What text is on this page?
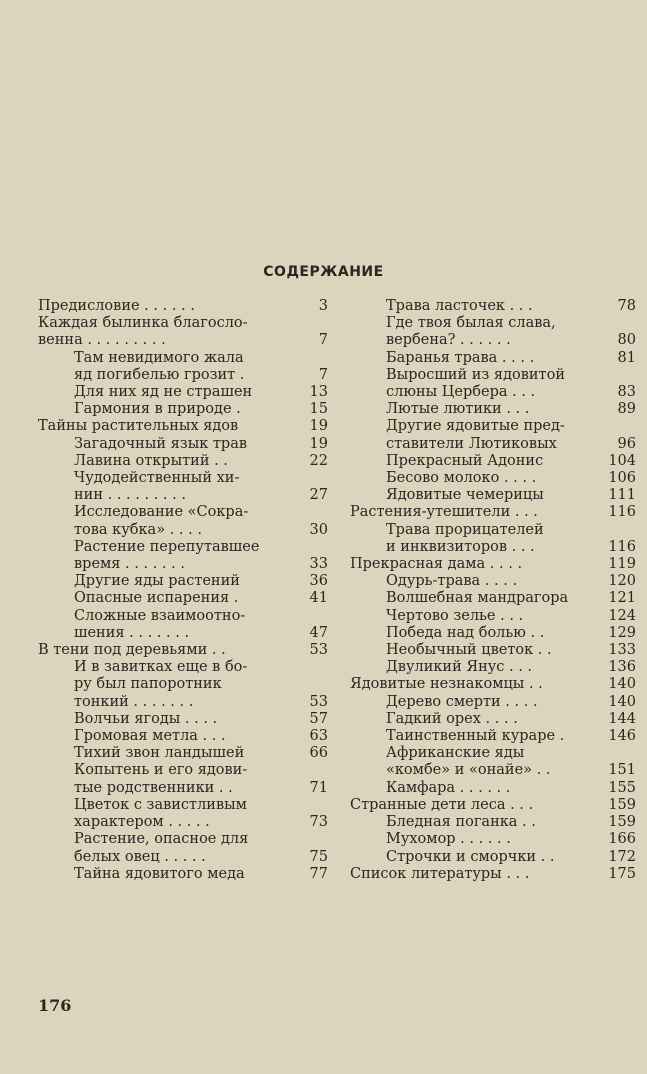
СОДЕРЖАНИЕ
Предисловие . . . . . .	3
Каждая былинка благосло-
венна . . . . . . . . .	7
Там невидимого жала
яд погибелью грозит .	7
Для них яд не страшен	13
Гармония в природе .	15
Тайны растительных ядов	19
Загадочный язык трав	19
Лавина открытий . .	22
Чудодейственный хи-
нин . . . . . . . . .	27
Исследование «Сокра-
това кубка» . . . .	30
Растение перепутавшее
время . . . . . . .	33
Другие яды растений	36
Опасные испарения .	41
Сложные взаимоотно-
шения . . . . . . .	47
В тени под деревьями . .	53
И в завитках еще в бо-
ру был папоротник
тонкий . . . . . . .	53
Волчьи ягоды . . . .	57
Громовая метла . . .	63
Тихий звон ландышей	66
Копытень и его ядови-
тые родственники . .	71
Цветок с завистливым
характером . . . . .	73
Растение, опасное для
белых овец . . . . .	75
Тайна ядовитого меда	77
Трава ласточек . . .	78
Где твоя былая слава,
вербена? . . . . . .	80
Баранья трава . . . .	81
Выросший из ядовитой
слюны Цербера . . .	83
Лютые лютики . . .	89
Другие ядовитые пред-
ставители Лютиковых	96
Прекрасный Адонис	104
Бесово молоко . . . .	106
Ядовитые чемерицы	111
Растения-утешители . . .	116
Трава прорицателей
и инквизиторов . . .	116
Прекрасная дама . . . .	119
Одурь-трава . . . .	120
Волшебная мандрагора	121
Чертово зелье . . .	124
Победа над болью . .	129
Необычный цветок . .	133
Двуликий Янус . . .	136
Ядовитые незнакомцы . .	140
Дерево смерти . . . .	140
Гадкий орех . . . .	144
Таинственный кураре .	146
Африканские яды
«комбе» и «онайе» . .	151
Камфара . . . . . .	155
Странные дети леса . . .	159
Бледная поганка . .	159
Мухомор . . . . . .	166
Строчки и сморчки . .	172
Список литературы . . .	175
176
